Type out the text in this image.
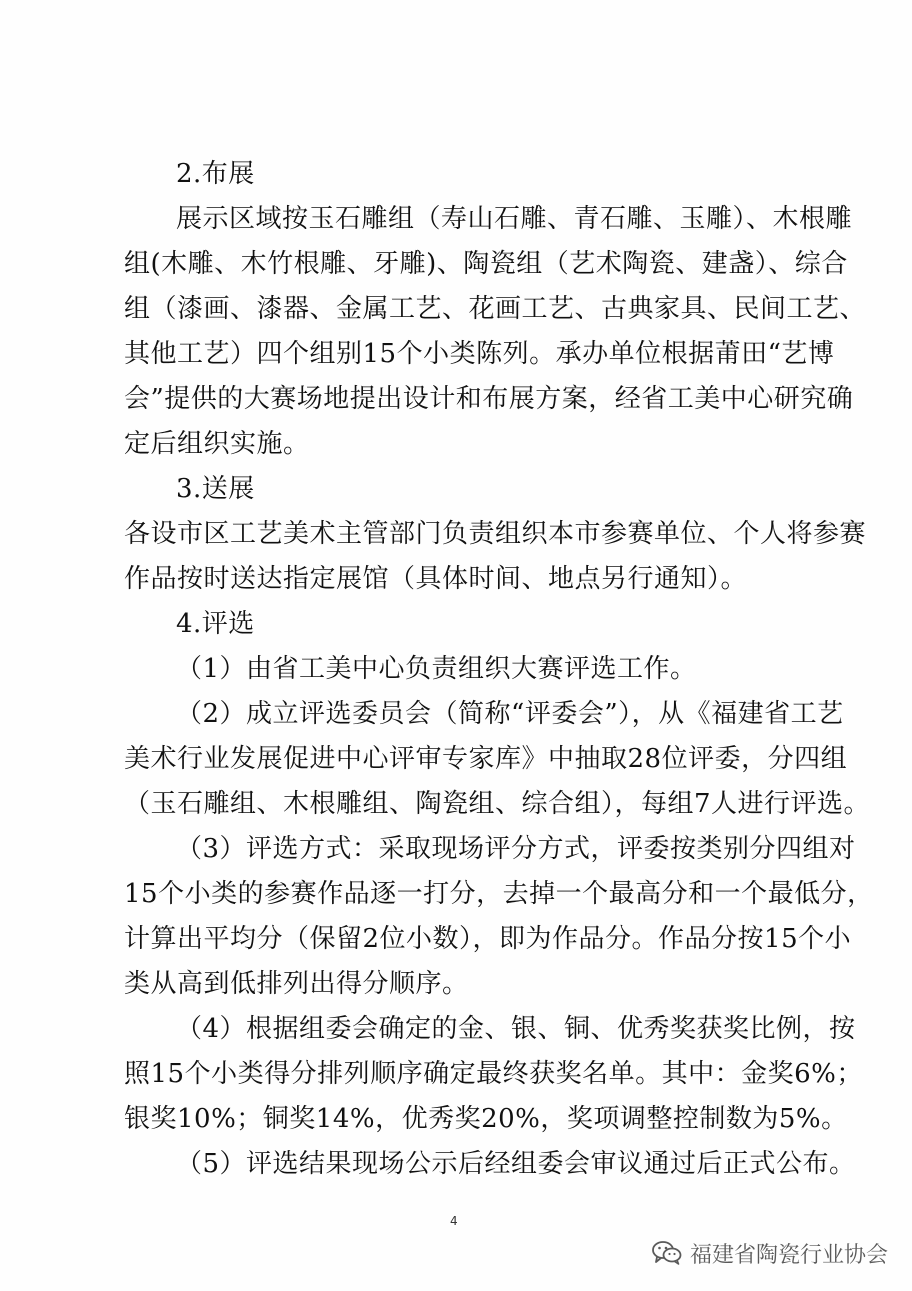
2.布展
展示区域按玉石雕组（寿山石雕、青石雕、玉雕）、木根雕
组(木雕、木竹根雕、牙雕)、陶瓷组（艺术陶瓷、建盏）、综合
组（漆画、漆器、金属工艺、花画工艺、古典家具、民间工艺、
其他工艺）四个组别15个小类陈列。承办单位根据莆田“艺博
会”提供的大赛场地提出设计和布展方案，经省工美中心研究确
定后组织实施。
3.送展
各设市区工艺美术主管部门负责组织本市参赛单位、个人将参赛
作品按时送达指定展馆（具体时间、地点另行通知）。
4.评选
（1）由省工美中心负责组织大赛评选工作。
（2）成立评选委员会（简称“评委会”），从《福建省工艺
美术行业发展促进中心评审专家库》中抽取28位评委，分四组
（玉石雕组、木根雕组、陶瓷组、综合组），每组7人进行评选。
（3）评选方式：采取现场评分方式，评委按类别分四组对
15个小类的参赛作品逐一打分，去掉一个最高分和一个最低分，
计算出平均分（保留2位小数），即为作品分。作品分按15个小
类从高到低排列出得分顺序。
（4）根据组委会确定的金、银、铜、优秀奖获奖比例，按
照15个小类得分排列顺序确定最终获奖名单。其中：金奖6%；
银奖10%；铜奖14%，优秀奖20%，奖项调整控制数为5%。
（5）评选结果现场公示后经组委会审议通过后正式公布。
4
福建省陶瓷行业协会
